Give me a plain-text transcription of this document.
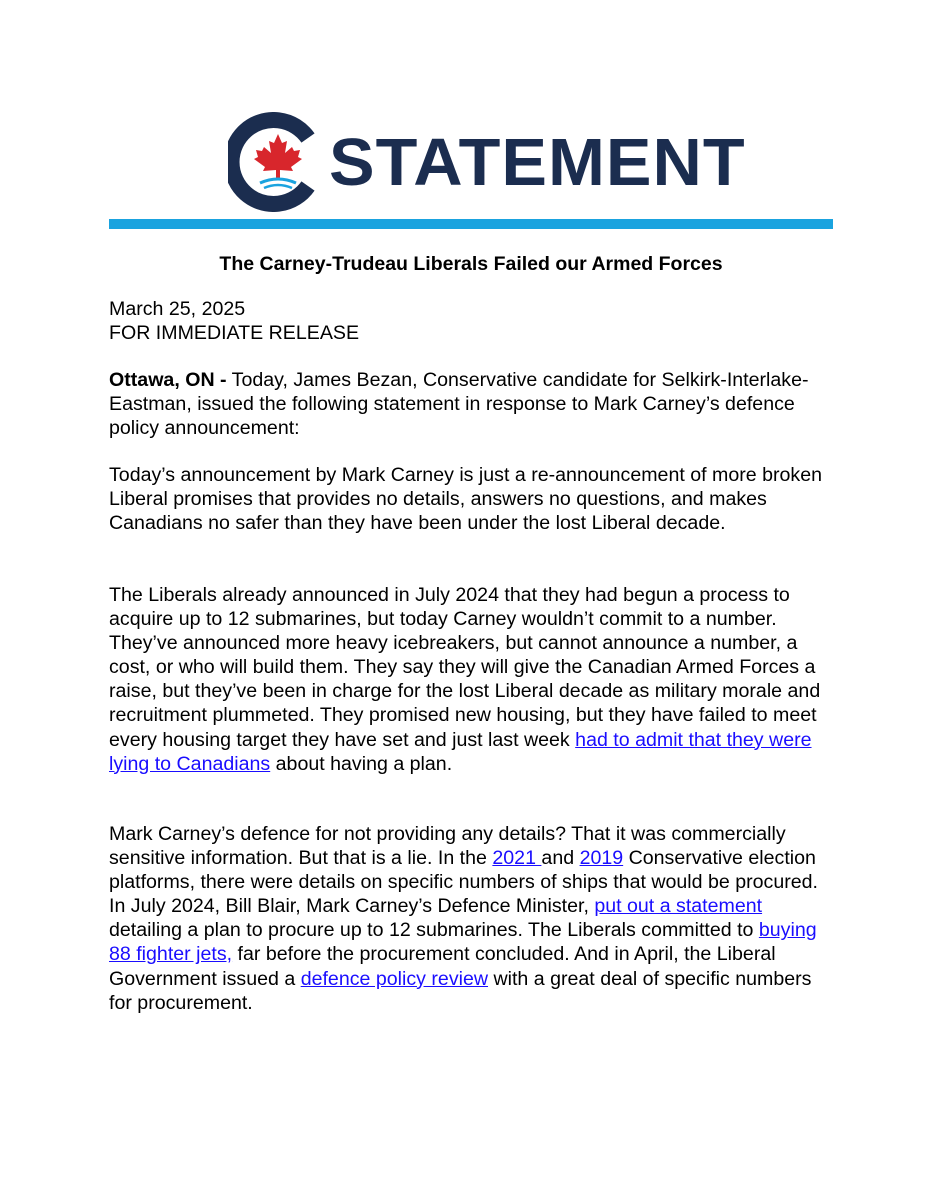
STATEMENT
The Carney-Trudeau Liberals Failed our Armed Forces
March 25, 2025
FOR IMMEDIATE RELEASE

Ottawa, ON - Today, James Bezan, Conservative candidate for Selkirk-Interlake-Eastman, issued the following statement in response to Mark Carney’s defence policy announcement:

Today’s announcement by Mark Carney is just a re-announcement of more broken Liberal promises that provides no details, answers no questions, and makes Canadians no safer than they have been under the lost Liberal decade.

The Liberals already announced in July 2024 that they had begun a process to acquire up to 12 submarines, but today Carney wouldn’t commit to a number. They’ve announced more heavy icebreakers, but cannot announce a number, a cost, or who will build them. They say they will give the Canadian Armed Forces a raise, but they’ve been in charge for the lost Liberal decade as military morale and recruitment plummeted. They promised new housing, but they have failed to meet every housing target they have set and just last week had to admit that they were lying to Canadians about having a plan.

Mark Carney’s defence for not providing any details? That it was commercially sensitive information. But that is a lie. In the 2021 and 2019 Conservative election platforms, there were details on specific numbers of ships that would be procured. In July 2024, Bill Blair, Mark Carney’s Defence Minister, put out a statement detailing a plan to procure up to 12 submarines. The Liberals committed to buying 88 fighter jets, far before the procurement concluded. And in April, the Liberal Government issued a defence policy review with a great deal of specific numbers for procurement.
